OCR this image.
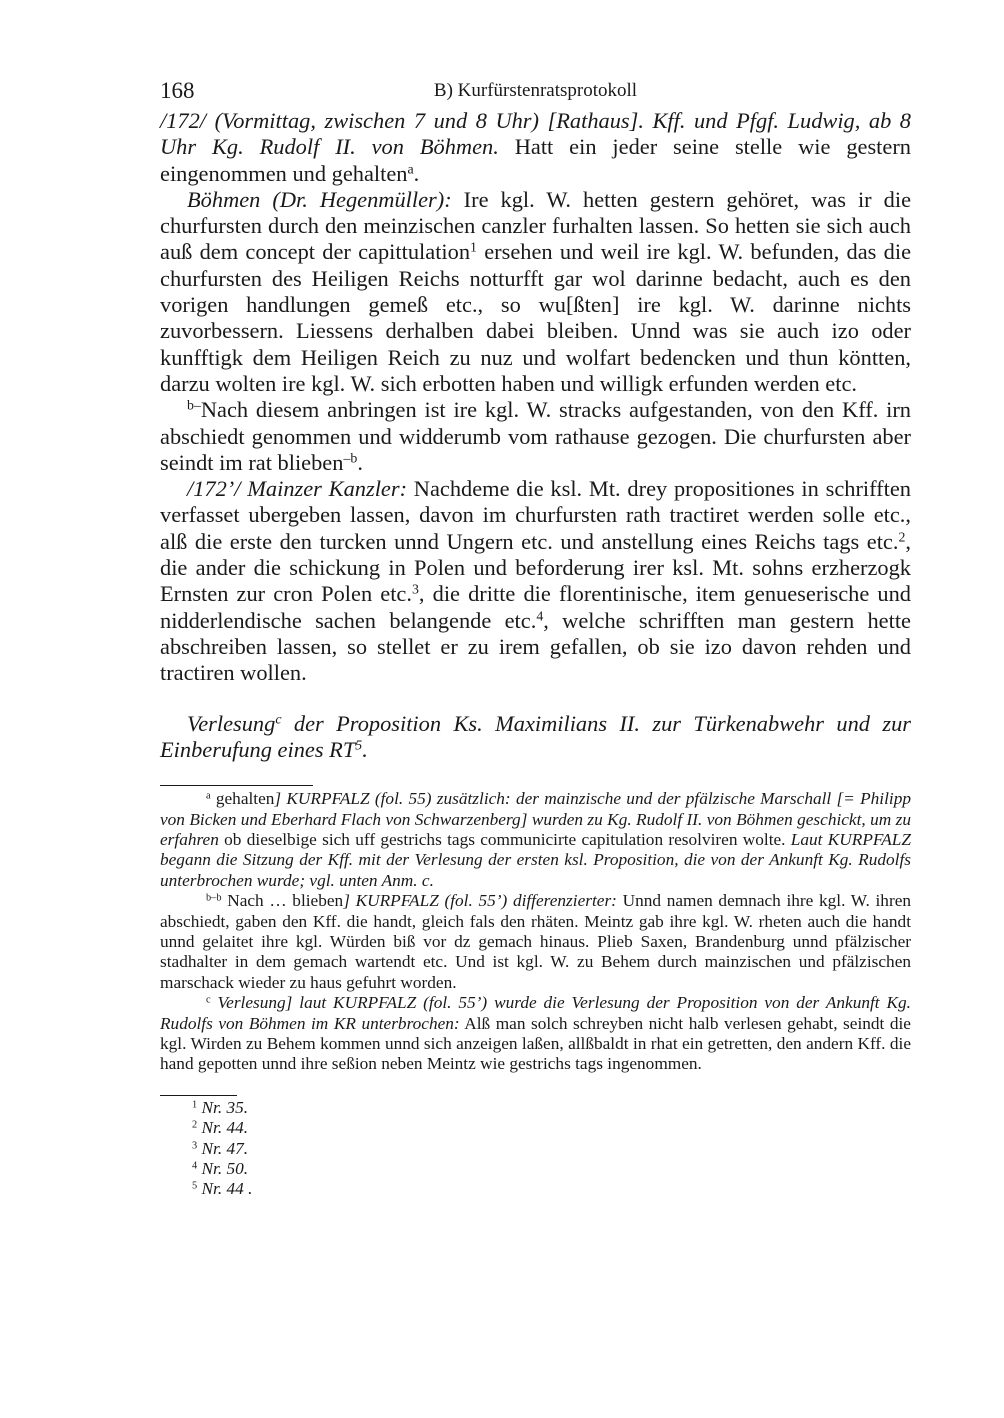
168	B) Kurfürstenratsprotokoll

/172/ (Vormittag, zwischen 7 und 8 Uhr) [Rathaus]. Kff. und Pfgf. Ludwig, ab 8 Uhr Kg. Rudolf II. von Böhmen. Hatt ein jeder seine stelle wie gestern eingenommen und gehalten$^a$.

Böhmen (Dr. Hegenmüller): Ire kgl. W. hetten gestern gehöret, was ir die churfursten durch den meinzischen canzler furhalten lassen. So hetten sie sich auch auß dem concept der capittulation$^1$ ersehen und weil ire kgl. W. befunden, das die churfursten des Heiligen Reichs notturfft gar wol darinne bedacht, auch es den vorigen handlungen gemeß etc., so wu[ßten] ire kgl. W. darinne nichts zuvorbessern. Liessens derhalben dabei bleiben. Unnd was sie auch izo oder kunfftigk dem Heiligen Reich zu nuz und wolfart bedencken und thun köntten, darzu wolten ire kgl. W. sich erbotten haben und willigk erfunden werden etc.

$^{b-}$Nach diesem anbringen ist ire kgl. W. stracks aufgestanden, von den Kff. irn abschiedt genommen und widderumb vom rathause gezogen. Die churfursten aber seindt im rat blieben$^{-b}$.

/172’/ Mainzer Kanzler: Nachdeme die ksl. Mt. drey propositiones in schrifften verfasset ubergeben lassen, davon im churfursten rath tractiret werden solle etc., alß die erste den turcken unnd Ungern etc. und anstellung eines Reichs tags etc.$^2$, die ander die schickung in Polen und beforderung irer ksl. Mt. sohns erzherzogk Ernsten zur cron Polen etc.$^3$, die dritte die florentinische, item genueserische und nidderlendische sachen belangende etc.$^4$, welche schrifften man gestern hette abschreiben lassen, so stellet er zu irem gefallen, ob sie izo davon rehden und tractiren wollen.

Verlesung$^c$ der Proposition Ks. Maximilians II. zur Türkenabwehr und zur Einberufung eines $RT^5$.

$^a$ gehalten] KURPFALZ (fol. 55) zusätzlich: der mainzische und der pfälzische Marschall [= Philipp von Bicken und Eberhard Flach von Schwarzenberg] wurden zu Kg. Rudolf II. von Böhmen geschickt, um zu erfahren ob dieselbige sich uff gestrichs tags communicirte capitulation resolviren wolte. Laut KURPFALZ begann die Sitzung der Kff. mit der Verlesung der ersten ksl. Proposition, die von der Ankunft Kg. Rudolfs unterbrochen wurde; vgl. unten Anm. c.

$^{b-b}$ Nach … blieben] KURPFALZ (fol. 55’) differenzierter: Unnd namen demnach ihre kgl. W. ihren abschiedt, gaben den Kff. die handt, gleich fals den rhäten. Meintz gab ihre kgl. W. rheten auch die handt unnd gelaitet ihre kgl. Würden biß vor dz gemach hinaus. Plieb Saxen, Brandenburg unnd pfälzischer stadhalter in dem gemach wartendt etc. Und ist kgl. W. zu Behem durch mainzischen und pfälzischen marschack wieder zu haus gefuhrt worden.

$^c$ Verlesung] laut KURPFALZ (fol. 55’) wurde die Verlesung der Proposition von der Ankunft Kg. Rudolfs von Böhmen im KR unterbrochen: Alß man solch schreyben nicht halb verlesen gehabt, seindt die kgl. Wirden zu Behem kommen unnd sich anzeigen laßen, allßbaldt in rhat ein getretten, den andern Kff. die hand gepotten unnd ihre seßion neben Meintz wie gestrichs tags ingenommen.

$^1$ Nr. 35.

$^2$ Nr. 44.

$^3$ Nr. 47.

$^4$ Nr. 50.

$^5$ Nr. 44 .
